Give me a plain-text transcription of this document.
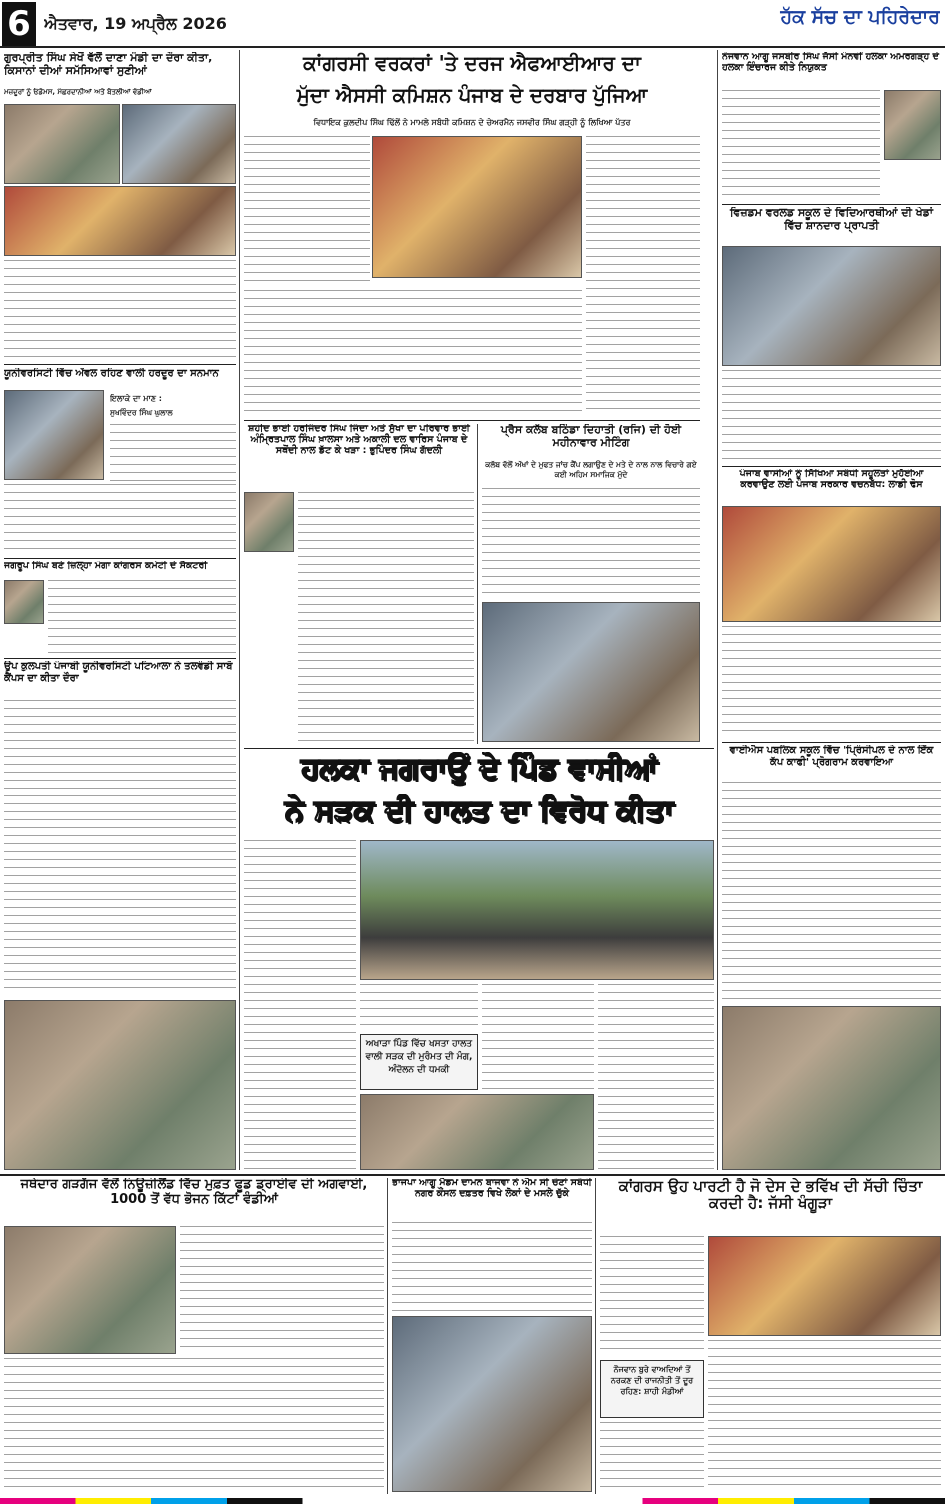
6 ਐਤਵਾਰ, 19 ਅਪ੍ਰੈਲ 2026	ਹੱਕ ਸੱਚ ਦਾ ਪਹਿਰੇਦਾਰ
ਗੁਰਪ੍ਰੀਤ ਸਿੰਘ ਸੇਖੋਂ ਵੱਲੋਂ ਦਾਣਾ ਮੰਡੀ ਦਾ ਦੌਰਾ ਕੀਤਾ, ਕਿਸਾਨਾਂ ਦੀਆਂ ਸਮੱਸਿਆਵਾਂ ਸੁਣੀਆਂ
ਮਜ਼ਦੂਰਾਂ ਨੂੰ ਓਡੋਮਸ, ਮੱਛਰਦਾਨੀਆਂ ਅਤੇ ਬੋਤਲੀਆਂ ਵੰਡੀਆਂ
ਯੂਨੀਵਰਸਿਟੀ ਵਿੱਚ ਅੱਵਲ ਰਹਿਣ ਵਾਲੀ ਹਰਦੂਰ ਦਾ ਸਨਮਾਨ
ਇਲਾਕੇ ਦਾ ਮਾਣ :
ਸੁਖਵਿੰਦਰ ਸਿੰਘ ਘੁਲਾਲ
ਜਗਰੂਪ ਸਿੰਘ ਬਣੇ ਜ਼ਿਲ੍ਹਾ ਮੋਗਾ ਕਾਂਗਰਸ ਕਮੇਟੀ ਦੇ ਸੈਕਟਰੀ
ਉਪ ਕੁਲਪਤੀ ਪੰਜਾਬੀ ਯੂਨੀਵਰਸਿਟੀ ਪਟਿਆਲਾ ਨੇ ਤਲਵੰਡੀ ਸਾਬੋ ਕੈਂਪਸ ਦਾ ਕੀਤਾ ਦੌਰਾ
ਕਾਂਗਰਸੀ ਵਰਕਰਾਂ 'ਤੇ ਦਰਜ ਐਫਆਈਆਰ ਦਾ
ਮੁੱਦਾ ਐਸਸੀ ਕਮਿਸ਼ਨ ਪੰਜਾਬ ਦੇ ਦਰਬਾਰ ਪੁੱਜਿਆ
ਵਿਧਾਇਕ ਕੁਲਦੀਪ ਸਿੰਘ ਢਿੱਲੋਂ ਨੇ ਮਾਮਲੇ ਸਬੰਧੀ ਕਮਿਸ਼ਨ ਦੇ ਚੇਅਰਮੈਨ ਜਸਵੀਰ ਸਿੰਘ ਗੜ੍ਹੀ ਨੂੰ ਲਿਖਿਆ ਪੱਤਰ
ਸ਼ਹੀਦ ਭਾਈ ਹਰਜਿੰਦਰ ਸਿੰਘ ਜਿੰਦਾ ਅਤੇ ਸੁੱਖਾ ਦਾ ਪਰਿਵਾਰ ਭਾਈ ਅੰਮ੍ਰਿਤਪਾਲ ਸਿੰਘ ਖ਼ਾਲਸਾ ਅਤੇ ਅਕਾਲੀ ਦਲ ਵਾਰਿਸ ਪੰਜਾਬ ਦੇ ਸਥੋਂਦੀ ਨਾਲ ਡੱਟ ਕੇ ਖੜਾ : ਭੁਪਿੰਦਰ ਸਿੰਘ ਗੱਦਲੀ
ਪ੍ਰੈਸ ਕਲੱਬ ਬਠਿੰਡਾ ਦਿਹਾਤੀ (ਰਜਿ) ਦੀ ਹੋਈ ਮਹੀਨਾਵਾਰ ਮੀਟਿੰਗ
ਕਲੱਬ ਵੱਲੋਂ ਅੱਖਾਂ ਦੇ ਮੁਫਤ ਜਾਂਚ ਕੈਂਪ ਲਗਾਉਣ ਦੇ ਮਤੇ ਦੇ ਨਾਲ ਨਾਲ ਵਿਚਾਰੇ ਗਏ ਕਈ ਅਹਿਮ ਸਮਾਜਿਕ ਮੁੱਦੇ
ਹਲਕਾ ਜਗਰਾਉਂ ਦੇ ਪਿੰਡ ਵਾਸੀਆਂ
ਨੇ ਸੜਕ ਦੀ ਹਾਲਤ ਦਾ ਵਿਰੋਧ ਕੀਤਾ
ਅਖਾੜਾ ਪਿੰਡ ਵਿੱਚ ਖਸਤਾ ਹਾਲਤ ਵਾਲੀ ਸੜਕ ਦੀ ਮੁਰੰਮਤ ਦੀ ਮੰਗ, ਅੰਦੋਲਨ ਦੀ ਧਮਕੀ
ਨੌਜਵਾਨ ਆਗੂ ਜਸਬੀਰ ਸਿੰਘ ਜੱਸੀ ਮੰਨਵੀਂ ਹਲਕਾ ਅਮਰਗੜ੍ਹ ਦੇ ਹਲਕਾ ਇੰਚਾਰਜ ਕੀਤੇ ਨਿਯੁਕਤ
ਵਿਜ਼ਡਮ ਵਰਲਡ ਸਕੂਲ ਦੇ ਵਿਦਿਆਰਥੀਆਂ ਦੀ ਖੇਡਾਂ ਵਿੱਚ ਸ਼ਾਨਦਾਰ ਪ੍ਰਾਪਤੀ
ਪੰਜਾਬ ਵਾਸੀਆਂ ਨੂੰ ਸਿੱਖਿਆ ਸਬੰਧੀ ਸਹੂਲਤਾਂ ਮੁਹੱਈਆ ਕਰਵਾਉਣ ਲਈ ਪੰਜਾਬ ਸਰਕਾਰ ਵਚਨਬੱਧ: ਲਾਡੀ ਢੋਸ
ਵਾਈਐਸ ਪਬਲਿਕ ਸਕੂਲ ਵਿੱਚ 'ਪ੍ਰਿੰਸੀਪਲ ਦੇ ਨਾਲ ਇੱਕ ਕੱਪ ਕਾਫੀ' ਪ੍ਰੋਗਰਾਮ ਕਰਵਾਇਆ
ਜਥੇਦਾਰ ਗੜਗੱਜ ਵੱਲੋਂ ਨਿਊਜ਼ੀਲੈਂਡ ਵਿੱਚ ਮੁਫ਼ਤ ਫੂਡ ਡ੍ਰਾਈਵ ਦੀ ਅਗਵਾਈ, 1000 ਤੋਂ ਵੱਧ ਭੋਜਨ ਕਿੱਟਾਂ ਵੰਡੀਆਂ
ਭਾਜਪਾ ਆਗੂ ਮੈਡਮ ਦਾਮਨ ਬਾਜਵਾ ਨੇ ਐਮ ਸੀ ਚੋਣਾਂ ਸਬੰਧੀ ਨਗਰ ਕੌਂਸਲ ਦਫ਼ਤਰ ਵਿਖੇ ਲੋਕਾਂ ਦੇ ਮਸਲੇ ਚੁੱਕੇ	ਕਾਂਗਰਸ ਉਹ ਪਾਰਟੀ ਹੈ ਜੋ ਦੇਸ ਦੇ ਭਵਿੱਖ ਦੀ ਸੱਚੀ ਚਿੰਤਾ ਕਰਦੀ ਹੈ: ਜੱਸੀ ਖੰਗੂੜਾ
ਨੌਜਵਾਨ ਬੁਰੇ ਵਾਅਦਿਆਂ ਤੋਂ ਨਰਕਣ ਦੀ ਰਾਜਨੀਤੀ ਤੋਂ ਦੂਰ ਰਹਿਣ: ਸ਼ਾਹੀ ਮੰਡੀਆਂ
